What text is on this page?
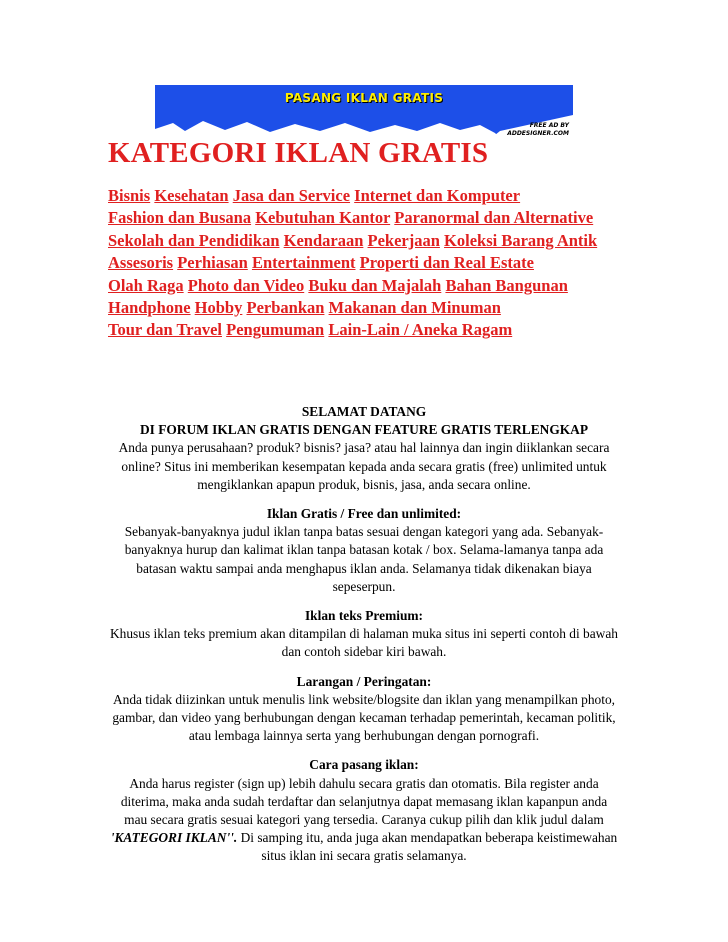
PASANG IKLAN GRATIS
FREE AD BY
ADDESIGNER.COM
KATEGORI IKLAN GRATIS
Bisnis Kesehatan Jasa dan Service Internet dan Komputer
Fashion dan Busana Kebutuhan Kantor Paranormal dan Alternative
Sekolah dan Pendidikan Kendaraan Pekerjaan Koleksi Barang Antik Assesoris Perhiasan Entertainment Properti dan Real Estate
Olah Raga Photo dan Video Buku dan Majalah Bahan Bangunan Handphone Hobby Perbankan Makanan dan Minuman
Tour dan Travel Pengumuman Lain-Lain / Aneka Ragam
SELAMAT DATANG
DI FORUM IKLAN GRATIS DENGAN FEATURE GRATIS TERLENGKAP

Anda punya perusahaan? produk? bisnis? jasa? atau hal lainnya dan ingin diiklankan secara online? Situs ini memberikan kesempatan kepada anda secara gratis (free) unlimited untuk mengiklankan apapun produk, bisnis, jasa, anda secara online.

Iklan Gratis / Free dan unlimited:

Sebanyak-banyaknya judul iklan tanpa batas sesuai dengan kategori yang ada. Sebanyak-banyaknya hurup dan kalimat iklan tanpa batasan kotak / box. Selama-lamanya tanpa ada batasan waktu sampai anda menghapus iklan anda. Selamanya tidak dikenakan biaya sepeserpun.

Iklan teks Premium:

Khusus iklan teks premium akan ditampilan di halaman muka situs ini seperti contoh di bawah dan contoh sidebar kiri bawah.

Larangan / Peringatan:

Anda tidak diizinkan untuk menulis link website/blogsite dan iklan yang menampilkan photo, gambar, dan video yang berhubungan dengan kecaman terhadap pemerintah, kecaman politik, atau lembaga lainnya serta yang berhubungan dengan pornografi.

Cara pasang iklan:

Anda harus register (sign up) lebih dahulu secara gratis dan otomatis. Bila register anda diterima, maka anda sudah terdaftar dan selanjutnya dapat memasang iklan kapanpun anda mau secara gratis sesuai kategori yang tersedia. Caranya cukup pilih dan klik judul dalam 'KATEGORI IKLAN''. Di samping itu, anda juga akan mendapatkan beberapa keistimewahan situs iklan ini secara gratis selamanya.
